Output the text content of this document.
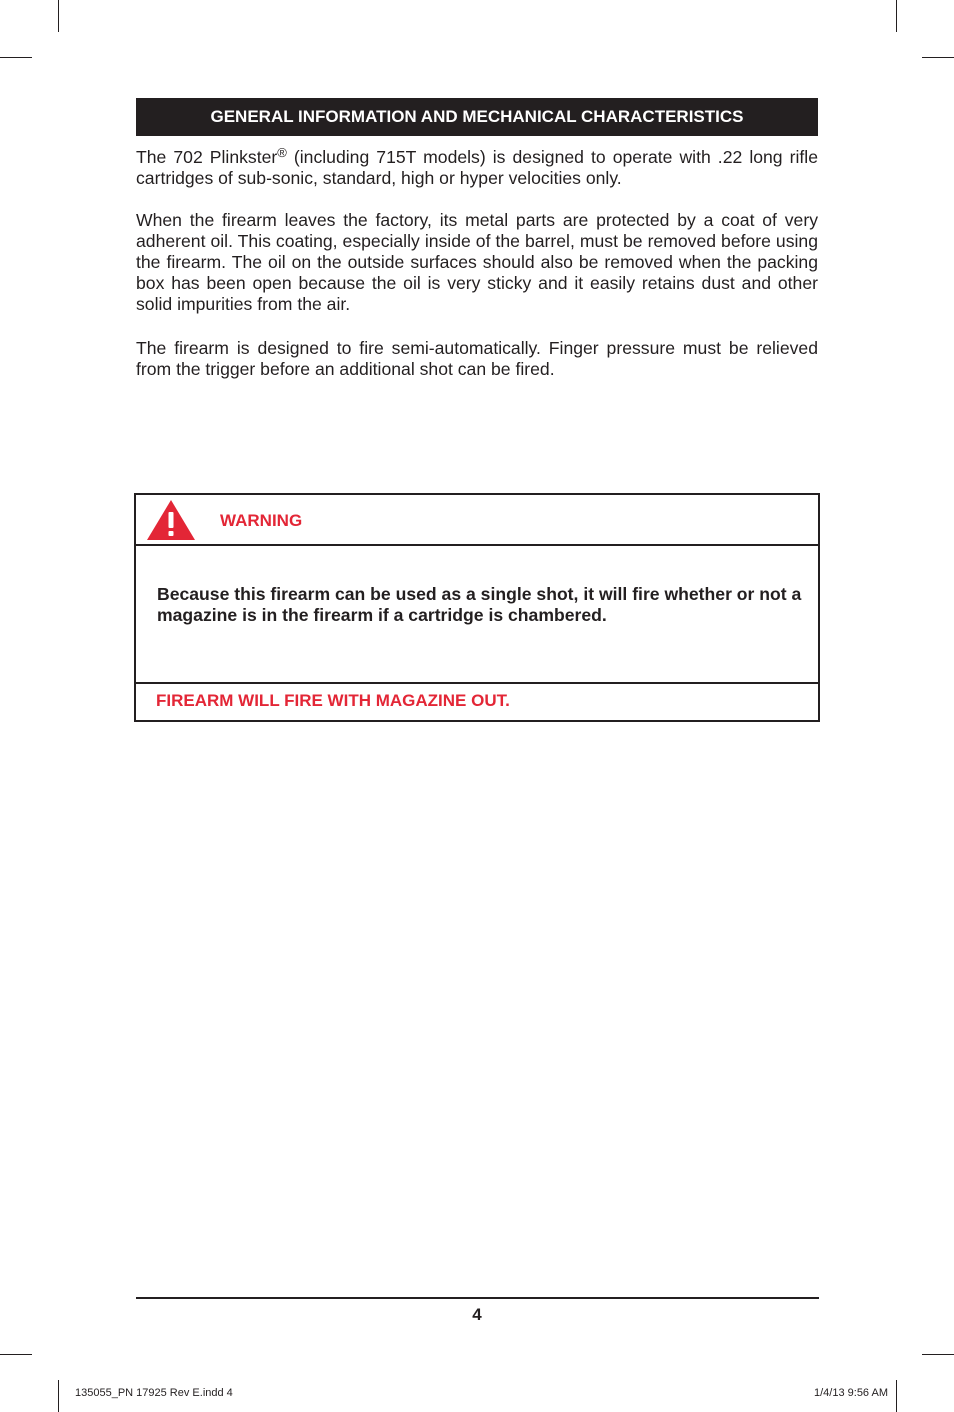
GENERAL INFORMATION AND MECHANICAL CHARACTERISTICS

The 702 Plinkster® (including 715T models) is designed to operate with .22 long rifle cartridges of sub-sonic, standard, high or hyper velocities only.

When the firearm leaves the factory, its metal parts are protected by a coat of very adherent oil. This coating, especially inside of the barrel, must be removed before using the firearm. The oil on the outside surfaces should also be removed when the packing box has been open because the oil is very sticky and it easily retains dust and other solid impurities from the air.

The firearm is designed to fire semi-automatically. Finger pressure must be relieved from the trigger before an additional shot can be fired.

WARNING
Because this firearm can be used as a single shot, it will fire whether or not a magazine is in the firearm if a cartridge is chambered.
FIREARM WILL FIRE WITH MAGAZINE OUT.
4
135055_PN 17925 Rev E.indd 4	1/4/13 9:56 AM
